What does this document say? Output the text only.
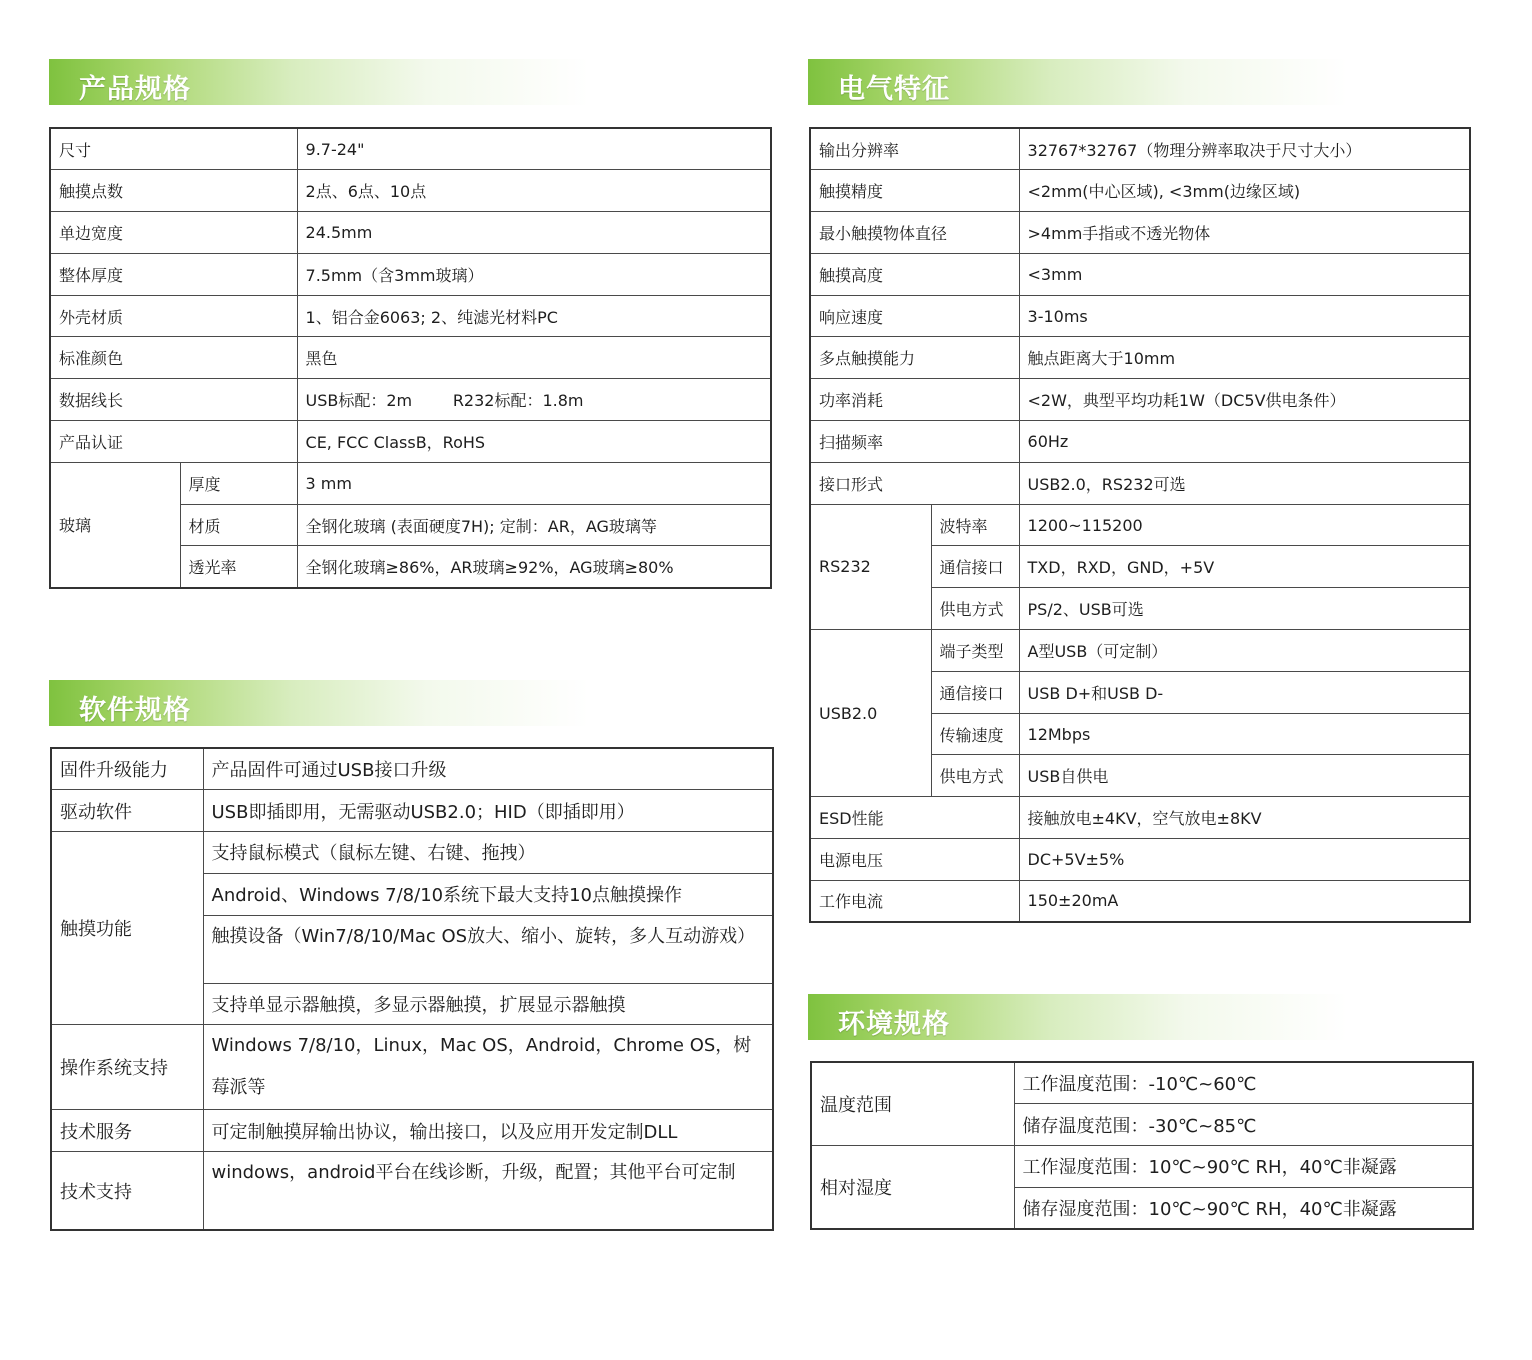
产品规格
尺寸		9.7-24"
触摸点数		2点、6点、10点
单边宽度		24.5mm
整体厚度		7.5mm（含3mm玻璃）
外壳材质		1、铝合金6063; 2、纯滤光材料PC
标准颜色		黑色
数据线长		USB标配：2m        R232标配：1.8m
产品认证		CE, FCC ClassB，RoHS
玻璃	厚度	3 mm
	材质	全钢化玻璃 (表面硬度7H); 定制：AR，AG玻璃等
	透光率	全钢化玻璃≥86%，AR玻璃≥92%，AG玻璃≥80%
软件规格
固件升级能力	产品固件可通过USB接口升级
驱动软件	USB即插即用，无需驱动USB2.0；HID（即插即用）
触摸功能	支持鼠标模式（鼠标左键、右键、拖拽）
	Android、Windows 7/8/10系统下最大支持10点触摸操作
	触摸设备（Win7/8/10/Mac OS放大、缩小、旋转，多人互动游戏）
	支持单显示器触摸，多显示器触摸，扩展显示器触摸
操作系统支持	Windows 7/8/10，Linux，Mac OS，Android，Chrome OS，树莓派等
技术服务	可定制触摸屏输出协议，输出接口，以及应用开发定制DLL
技术支持	windows，android平台在线诊断，升级，配置；其他平台可定制
电气特征
输出分辨率		32767*32767（物理分辨率取决于尺寸大小）
触摸精度		<2mm(中心区域), <3mm(边缘区域)
最小触摸物体直径		>4mm手指或不透光物体
触摸高度		<3mm
响应速度		3-10ms
多点触摸能力		触点距离大于10mm
功率消耗		<2W，典型平均功耗1W（DC5V供电条件）
扫描频率		60Hz
接口形式		USB2.0，RS232可选
RS232	波特率	1200~115200
	通信接口	TXD，RXD，GND，+5V
	供电方式	PS/2、USB可选
USB2.0	端子类型	A型USB（可定制）
	通信接口	USB D+和USB D-
	传输速度	12Mbps
	供电方式	USB自供电
ESD性能		接触放电±4KV，空气放电±8KV
电源电压		DC+5V±5%
工作电流		150±20mA
环境规格
温度范围	工作温度范围：-10℃~60℃
	储存温度范围：-30℃~85℃
相对湿度	工作湿度范围：10℃~90℃ RH，40℃非凝露
	储存湿度范围：10℃~90℃ RH，40℃非凝露
